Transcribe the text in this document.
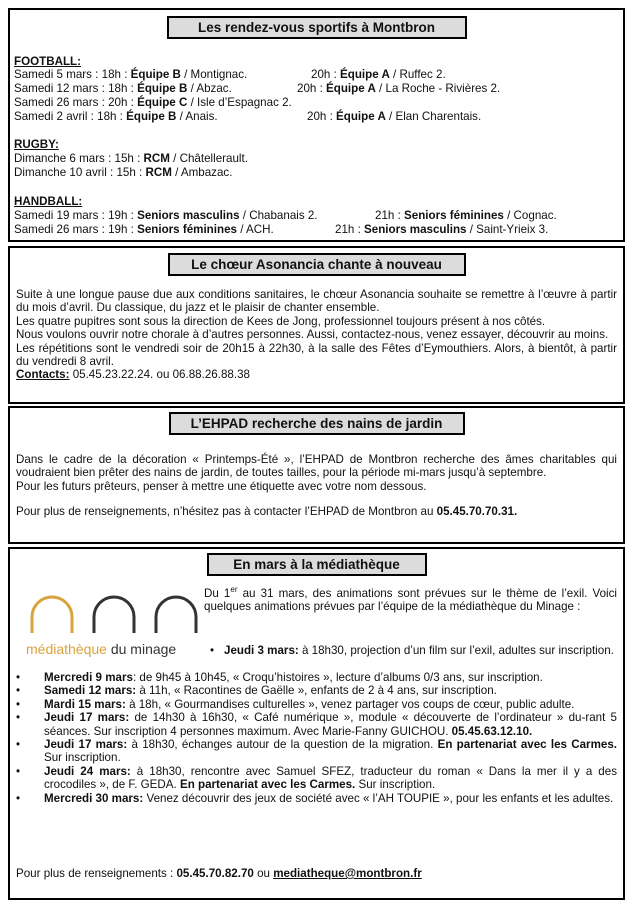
Les rendez-vous sportifs à Montbron
FOOTBALL:
Samedi 5 mars : 18h : Équipe B / Montignac.	20h : Équipe A / Ruffec 2.
Samedi 12 mars : 18h : Équipe B / Abzac.	20h : Équipe A / La Roche - Rivières 2.
Samedi 26 mars : 20h : Équipe C / Isle d’Espagnac 2.
Samedi 2 avril : 18h : Équipe B / Anais.	20h : Équipe A / Elan Charentais.
RUGBY:
Dimanche 6 mars : 15h : RCM / Châtellerault.
Dimanche 10 avril : 15h : RCM / Ambazac.
HANDBALL:
Samedi 19 mars : 19h : Seniors masculins / Chabanais 2.	21h : Seniors féminines / Cognac.
Samedi 26 mars : 19h : Seniors féminines / ACH.	21h : Seniors masculins / Saint-Yrieix 3.
Le chœur Asonancia chante à nouveau
Suite à une longue pause due aux conditions sanitaires, le chœur Asonancia souhaite se remettre à l’œuvre à partir du mois d’avril. Du classique, du jazz et le plaisir de chanter ensemble.
Les quatre pupitres sont sous la direction de Kees de Jong, professionnel toujours présent à nos côtés.
Nous voulons ouvrir notre chorale à d’autres personnes. Aussi, contactez-nous, venez essayer, découvrir au moins.
Les répétitions sont le vendredi soir de 20h15 à 22h30, à la salle des Fêtes d’Eymouthiers. Alors, à bientôt, à partir du vendredi 8 avril.
Contacts: 05.45.23.22.24. ou 06.88.26.88.38
L’EHPAD recherche des nains de jardin
Dans le cadre de la décoration « Printemps-Été », l’EHPAD de Montbron recherche des âmes charitables qui voudraient bien prêter des nains de jardin, de toutes tailles, pour la période mi-mars jusqu’à septembre.
Pour les futurs prêteurs, penser à mettre une étiquette avec votre nom dessous.
Pour plus de renseignements, n’hésitez pas à contacter l’EHPAD de Montbron au 05.45.70.70.31.
En mars à la médiathèque
médiathèque du minage
Du 1er au 31 mars, des animations sont prévues sur le thème de l’exil. Voici quelques animations prévues par l’équipe de la médiathèque du Minage :
• Jeudi 3 mars: à 18h30, projection d’un film sur l’exil, adultes sur inscription.
• Mercredi 9 mars: de 9h45 à 10h45, « Croqu’histoires », lecture d’albums 0/3 ans, sur inscription.
• Samedi 12 mars: à 11h, « Racontines de Gaëlle », enfants de 2 à 4 ans, sur inscription.
• Mardi 15 mars: à 18h, « Gourmandises culturelles », venez partager vos coups de cœur, public adulte.
• Jeudi 17 mars: de 14h30 à 16h30, « Café numérique », module « découverte de l’ordinateur » du-rant 5 séances. Sur inscription 4 personnes maximum. Avec Marie-Fanny GUICHOU. 05.45.63.12.10.
• Jeudi 17 mars: à 18h30, échanges autour de la question de la migration. En partenariat avec les Carmes. Sur inscription.
• Jeudi 24 mars: à 18h30, rencontre avec Samuel SFEZ, traducteur du roman « Dans la mer il y a des crocodiles », de F. GEDA. En partenariat avec les Carmes. Sur inscription.
• Mercredi 30 mars: Venez découvrir des jeux de société avec « l’AH TOUPIE », pour les enfants et les adultes.
Pour plus de renseignements : 05.45.70.82.70 ou mediatheque@montbron.fr
